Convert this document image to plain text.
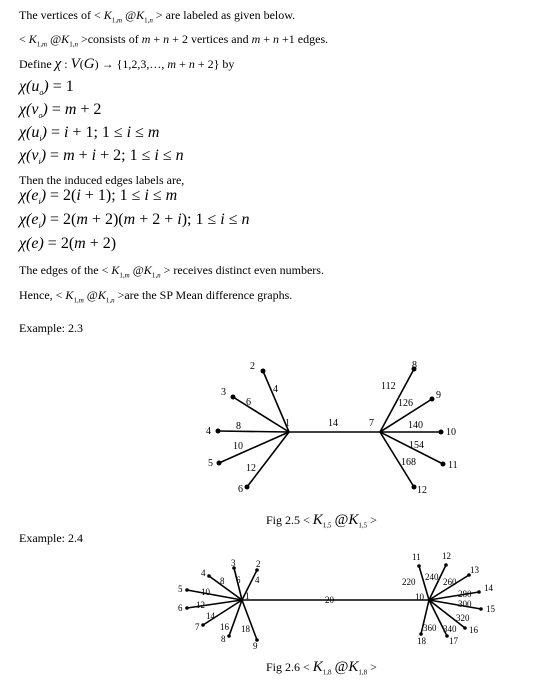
The vertices of < $K_{1,m}$ $@K_{1,n}$ > are labeled as given below.
< $K_{1,m}$ $@K_{1,n}$ >consists of m + n + 2 vertices and m + n +1 edges.
Define χ : V(G) → {1,2,3,…, m + n + 2} by
$\chi(u_o) = 1$
$\chi(v_o) = m + 2$
$\chi(u_i) = i + 1$; 1 ≤ i ≤ m
$\chi(v_i) = m + i + 2$; 1 ≤ i ≤ n
Then the induced edges labels are,
$\chi(e_i) = 2(i + 1)$; 1 ≤ i ≤ m
$\chi(e_i) = 2(m + 2)(m + 2 + i)$; 1 ≤ i ≤ n
χ(e) = 2(m + 2)
The edges of the < $K_{1,m}$ $@K_{1,n}$ > receives distinct even numbers.
Hence, < $K_{1,m}$ $@K_{1,n} >are$ the SP Mean difference graphs.
Example: 2.3
2
3
4
5
6
4
6
8
10
12
1	14
8
9
10
11
12
112
126
140
154
168
7
Fig $2.5 < K_{1,5}$ $@K_{1,5}$ >
Example: 2.4
2
3
4
5
6
7
8
9
4
6
8
10
12
14
16 18
1	20
11 12
13
14
15
16
17
18
220 240 260
280
300
320
340
360
10
Fig $2.6 < K_{1,8}$ $@K_{1,8}$ >
